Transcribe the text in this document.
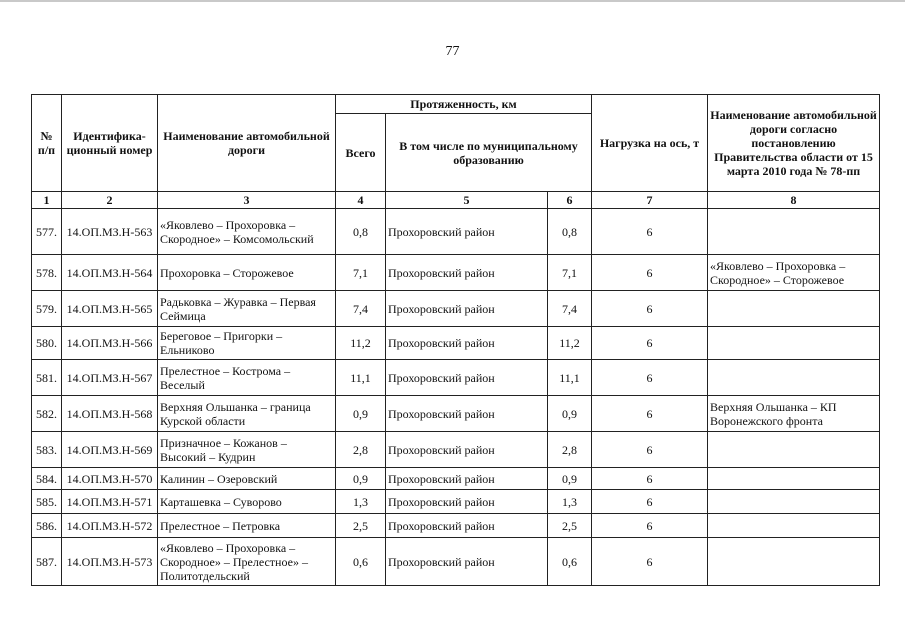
77
№ п/п	Идентифика- ционный номер	Наименование автомобильной дороги	Протяженность, км			Нагрузка на ось, т	Наименование автомобильной дороги согласно постановлению Правительства области от 15 марта 2010 года № 78-пп
			Всего	В том числе по муниципальному образованию			
1	2	3	4	5	6	7	8
577.	14.ОП.МЗ.Н-563	«Яковлево – Прохоровка – Скородное» – Комсомольский	0,8	Прохоровский район	0,8	6	
578.	14.ОП.МЗ.Н-564	Прохоровка – Сторожевое	7,1	Прохоровский район	7,1	6	«Яковлево – Прохоровка – Скородное» – Сторожевое
579.	14.ОП.МЗ.Н-565	Радьковка – Журавка – Первая Сеймица	7,4	Прохоровский район	7,4	6	
580.	14.ОП.МЗ.Н-566	Береговое – Пригорки – Ельниково	11,2	Прохоровский район	11,2	6	
581.	14.ОП.МЗ.Н-567	Прелестное – Кострома – Веселый	11,1	Прохоровский район	11,1	6	
582.	14.ОП.МЗ.Н-568	Верхняя Ольшанка – граница Курской области	0,9	Прохоровский район	0,9	6	Верхняя Ольшанка – КП Воронежского фронта
583.	14.ОП.МЗ.Н-569	Призначное – Кожанов – Высокий – Кудрин	2,8	Прохоровский район	2,8	6	
584.	14.ОП.МЗ.Н-570	Калинин – Озеровский	0,9	Прохоровский район	0,9	6	
585.	14.ОП.МЗ.Н-571	Карташевка – Суворово	1,3	Прохоровский район	1,3	6	
586.	14.ОП.МЗ.Н-572	Прелестное – Петровка	2,5	Прохоровский район	2,5	6	
587.	14.ОП.МЗ.Н-573	«Яковлево – Прохоровка – Скородное» – Прелестное» – Политотдельский	0,6	Прохоровский район	0,6	6	
